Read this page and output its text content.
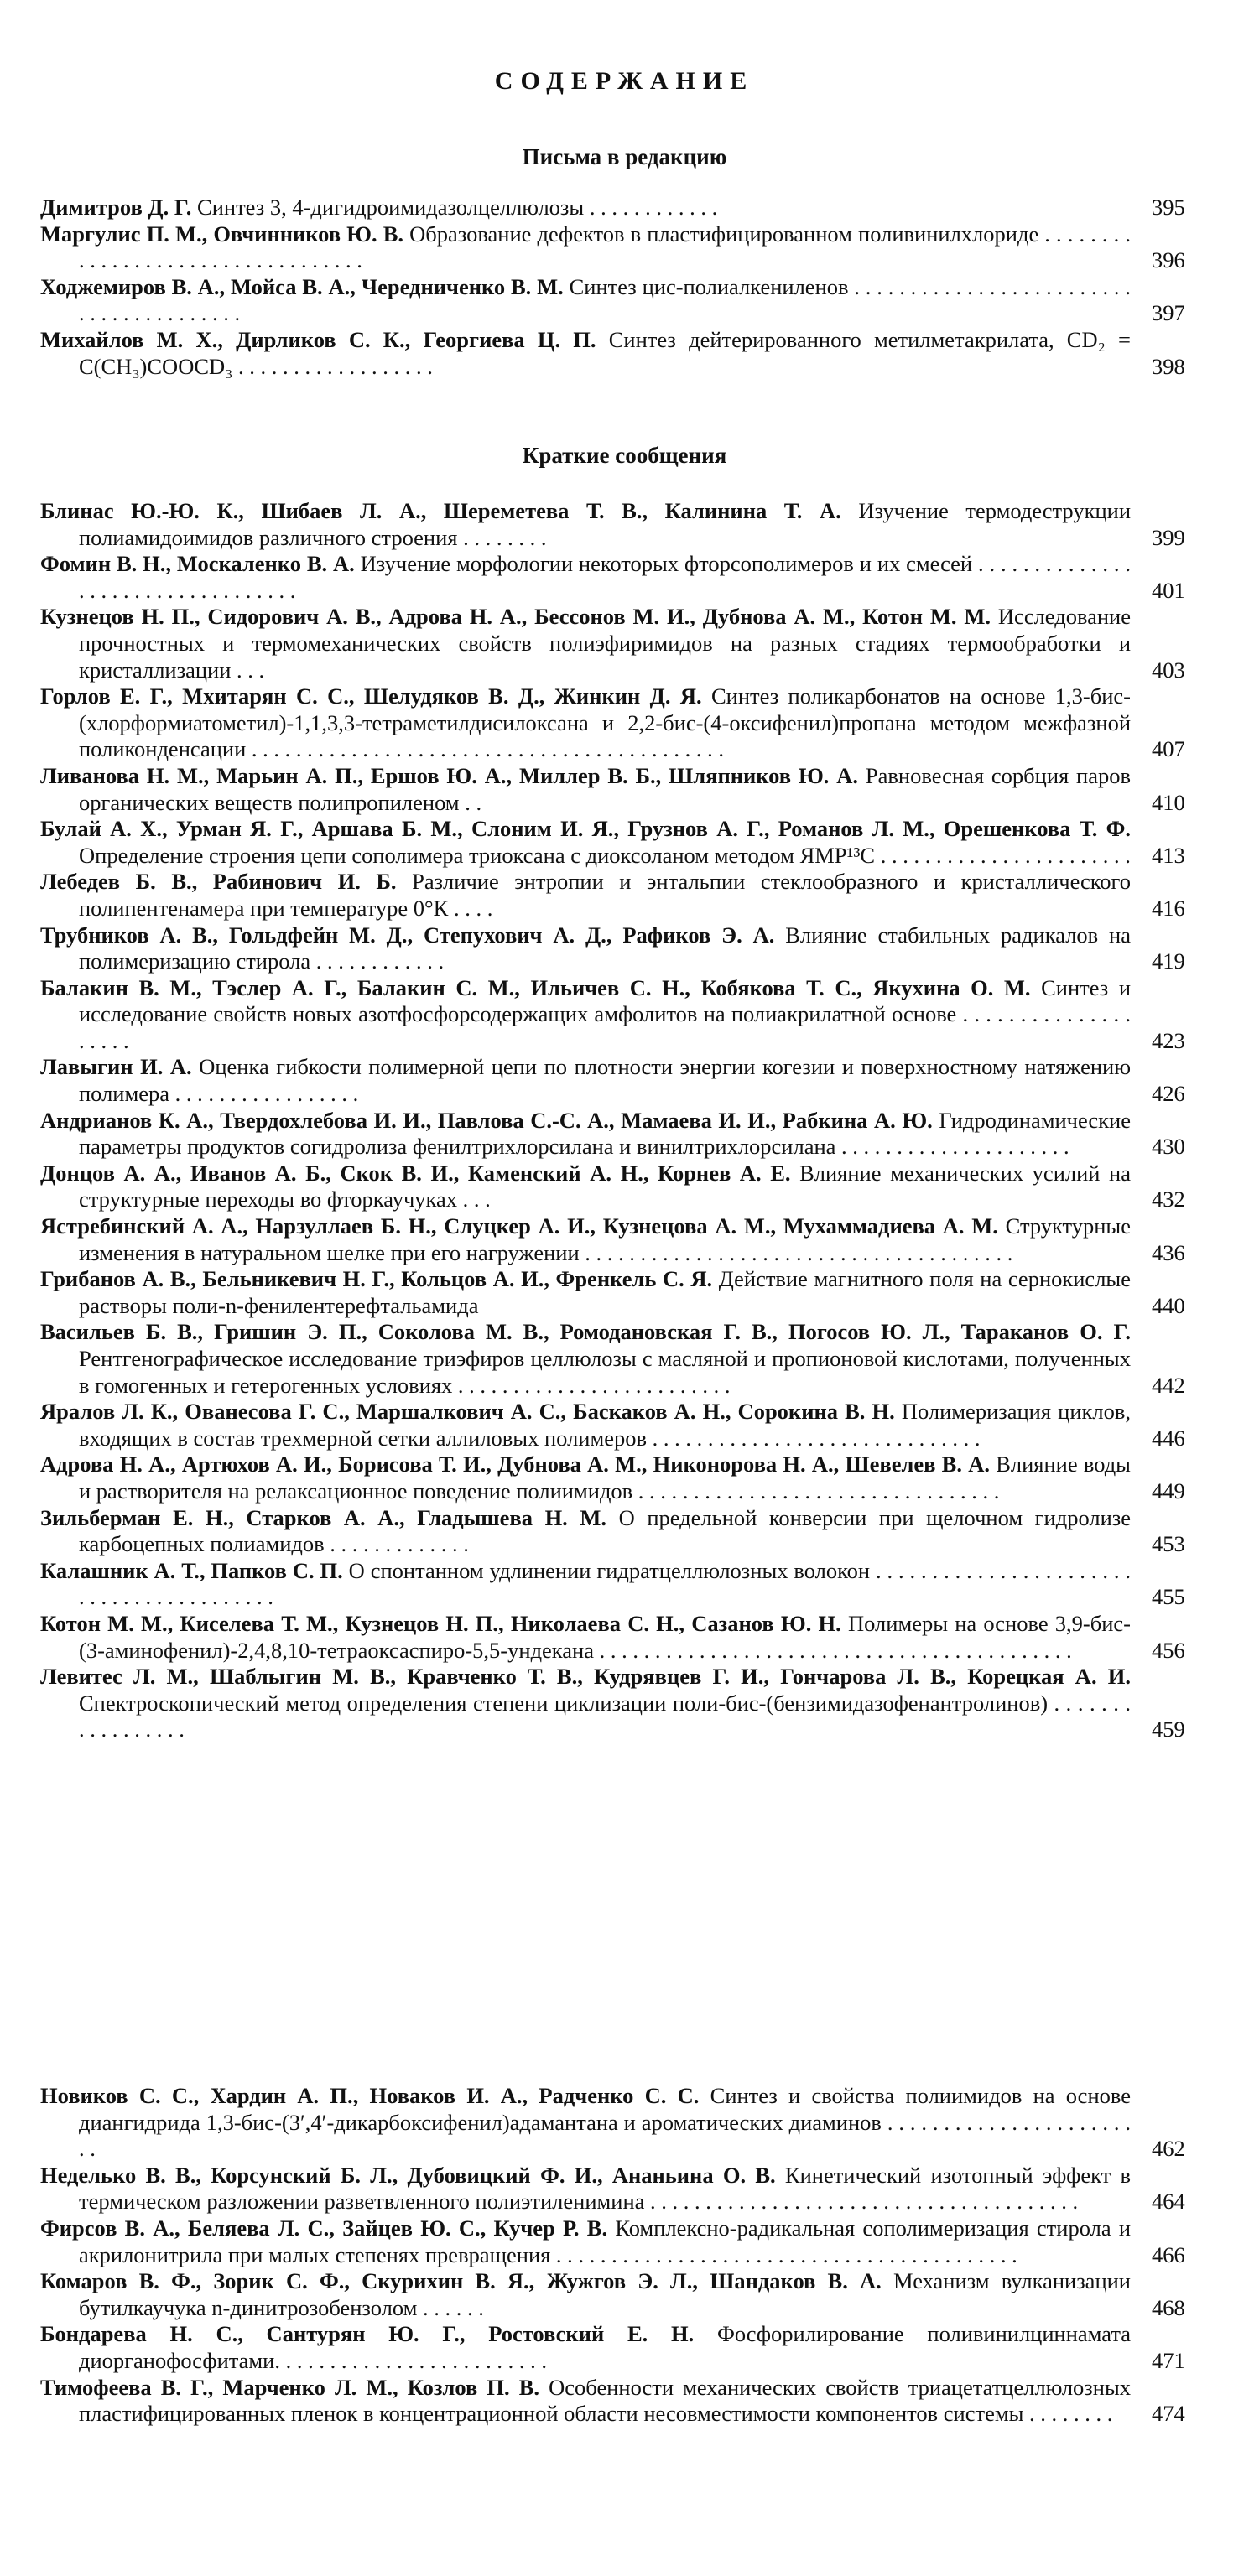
СОДЕРЖАНИЕ
Письма в редакцию
Димитров Д. Г. Синтез 3, 4-дигидроимидазолцеллюлозы . . . . . . . . . . . .	395
Маргулис П. М., Овчинников Ю. В. Образование дефектов в пластифицированном поливинилхлориде . . . . . . . . . . . . . . . . . . . . . . . . . . . . . . . . . .	396
Ходжемиров В. А., Мойса В. А., Чередниченко В. М. Синтез цис-полиалкениленов . . . . . . . . . . . . . . . . . . . . . . . . . . . . . . . . . . . . . . . .	397
Михайлов М. Х., Дирликов С. К., Георгиева Ц. П. Синтез дейтерированного метилметакрилата, CD₂ = C(CH₃)COOCD₃ . . . . . . . . . . . . . . . . . .	398
Краткие сообщения
Блинас Ю.-Ю. К., Шибаев Л. А., Шереметева Т. В., Калинина Т. А. Изучение термодеструкции полиамидоимидов различного строения . . . . . . . .	399
Фомин В. Н., Москаленко В. А. Изучение морфологии некоторых фторсополимеров и их смесей . . . . . . . . . . . . . . . . . . . . . . . . . . . . . . . . . .	401
Кузнецов Н. П., Сидорович А. В., Адрова Н. А., Бессонов М. И., Дубнова А. М., Котон М. М. Исследование прочностных и термомеханических свойств полиэфиримидов на разных стадиях термообработки и кристаллизации . . .	403
Горлов Е. Г., Мхитарян С. С., Шелудяков В. Д., Жинкин Д. Я. Синтез поликарбонатов на основе 1,3-бис-(хлорформиатометил)-1,1,3,3-тетраметилдисилоксана и 2,2-бис-(4-оксифенил)пропана методом межфазной поликонденсации . . . . . . . . . . . . . . . . . . . . . . . . . . . . . . . . . . . . . . . . . . .	407
Ливанова Н. М., Марьин А. П., Ершов Ю. А., Миллер В. Б., Шляпников Ю. А. Равновесная сорбция паров органических веществ полипропиленом . .	410
Булай А. Х., Урман Я. Г., Аршава Б. М., Слоним И. Я., Грузнов А. Г., Романов Л. М., Орешенкова Т. Ф. Определение строения цепи сополимера триоксана с диоксоланом методом ЯМР¹³С . . . . . . . . . . . . . . . . . . . . . . . 413
Лебедев Б. В., Рабинович И. Б. Различие энтропии и энтальпии стеклообразного и кристаллического полипентенамера при температуре 0°К . . . .	416
Трубников А. В., Гольдфейн М. Д., Степухович А. Д., Рафиков Э. А. Влияние стабильных радикалов на полимеризацию стирола . . . . . . . . . . . .	419
Балакин В. М., Тэслер А. Г., Балакин С. М., Ильичев С. Н., Кобякова Т. С., Якухина О. М. Синтез и исследование свойств новых азотфосфорсодержащих амфолитов на полиакрилатной основе . . . . . . . . . . . . . . . . . . . .	423
Лавыгин И. А. Оценка гибкости полимерной цепи по плотности энергии когезии и поверхностному натяжению полимера . . . . . . . . . . . . . . . . .	426
Андрианов К. А., Твердохлебова И. И., Павлова С.-С. А., Мамаева И. И., Рабкина А. Ю. Гидродинамические параметры продуктов согидролиза фенилтрихлорсилана и винилтрихлорсилана . . . . . . . . . . . . . . . . . . . . .	430
Донцов А. А., Иванов А. Б., Скок В. И., Каменский А. Н., Корнев А. Е. Влияние механических усилий на структурные переходы во фторкаучуках . . .	432
Ястребинский А. А., Нарзуллаев Б. Н., Слуцкер А. И., Кузнецова А. М., Мухаммадиева А. М. Структурные изменения в натуральном шелке при его нагружении . . . . . . . . . . . . . . . . . . . . . . . . . . . . . . . . . . . . . . .	436
Грибанов А. В., Бельникевич Н. Г., Кольцов А. И., Френкель С. Я. Действие магнитного поля на сернокислые растворы поли-n-фенилентерефтальамида	440
Васильев Б. В., Гришин Э. П., Соколова М. В., Ромодановская Г. В., Погосов Ю. Л., Тараканов О. Г. Рентгенографическое исследование триэфиров целлюлозы с масляной и пропионовой кислотами, полученных в гомогенных и гетерогенных условиях . . . . . . . . . . . . . . . . . . . . . . . . .	442
Яралов Л. К., Ованесова Г. С., Маршалкович А. С., Баскаков А. Н., Сорокина В. Н. Полимеризация циклов, входящих в состав трехмерной сетки аллиловых полимеров . . . . . . . . . . . . . . . . . . . . . . . . . . . . . .	446
Адрова Н. А., Артюхов А. И., Борисова Т. И., Дубнова А. М., Никонорова Н. А., Шевелев В. А. Влияние воды и растворителя на релаксационное поведение полиимидов . . . . . . . . . . . . . . . . . . . . . . . . . . . . . . . . .	449
Зильберман Е. Н., Старков А. А., Гладышева Н. М. О предельной конверсии при щелочном гидролизе карбоцепных полиамидов . . . . . . . . . . . . .	453
Калашник А. Т., Папков С. П. О спонтанном удлинении гидратцеллюлозных волокон . . . . . . . . . . . . . . . . . . . . . . . . . . . . . . . . . . . . . . . . .	455
Котон М. М., Киселева Т. М., Кузнецов Н. П., Николаева С. Н., Сазанов Ю. Н. Полимеры на основе 3,9-бис-(3-аминофенил)-2,4,8,10-тетраоксаспиро-5,5-ундекана . . . . . . . . . . . . . . . . . . . . . . . . . . . . . . . . . . . . . . . . . . .	456
Левитес Л. М., Шаблыгин М. В., Кравченко Т. В., Кудрявцев Г. И., Гончарова Л. В., Корецкая А. И. Спектроскопический метод определения степени циклизации поли-бис-(бензимидазофенантролинов) . . . . . . . . . . . . . . . . .	459
Новиков С. С., Хардин А. П., Новаков И. А., Радченко С. С. Синтез и свойства полиимидов на основе диангидрида 1,3-бис-(3′,4′-дикарбоксифенил)адамантана и ароматических диаминов . . . . . . . . . . . . . . . . . . . . . . . .	462
Неделько В. В., Корсунский Б. Л., Дубовицкий Ф. И., Ананьина О. В. Кинетический изотопный эффект в термическом разложении разветвленного полиэтиленимина . . . . . . . . . . . . . . . . . . . . . . . . . . . . . . . . . . . . . . .	464
Фирсов В. А., Беляева Л. С., Зайцев Ю. С., Кучер Р. В. Комплексно-радикальная сополимеризация стирола и акрилонитрила при малых степенях превращения . . . . . . . . . . . . . . . . . . . . . . . . . . . . . . . . . . . . . . . . . .	466
Комаров В. Ф., Зорик С. Ф., Скурихин В. Я., Жужгов Э. Л., Шандаков В. А. Механизм вулканизации бутилкаучука n-динитрозобензолом . . . . . .	468
Бондарева Н. С., Сантурян Ю. Г., Ростовский Е. Н. Фосфорилирование поливинилциннамата диорганофосфитами. . . . . . . . . . . . . . . . . . . . . . . . .	471
Тимофеева В. Г., Марченко Л. М., Козлов П. В. Особенности механических свойств триацетатцеллюлозных пластифицированных пленок в концентрационной области несовместимости компонентов системы . . . . . . . . 474
